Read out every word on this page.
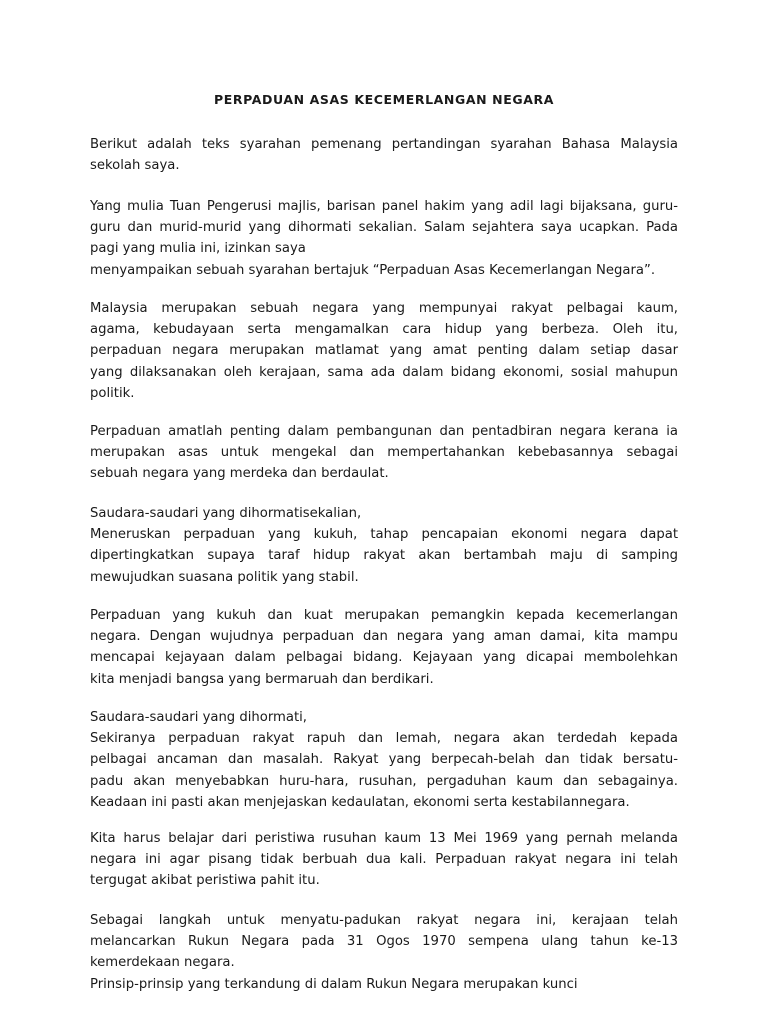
PERPADUAN ASAS KECEMERLANGAN NEGARA
Berikut adalah teks syarahan pemenang pertandingan syarahan Bahasa Malaysia
sekolah saya.
Yang mulia Tuan Pengerusi majlis, barisan panel hakim yang adil lagi bijaksana, guru-
guru dan murid-murid yang dihormati sekalian. Salam sejahtera saya ucapkan. Pada
pagi yang mulia ini, izinkan saya
menyampaikan sebuah syarahan bertajuk “Perpaduan Asas Kecemerlangan Negara”.
Malaysia merupakan sebuah negara yang mempunyai rakyat pelbagai kaum,
agama, kebudayaan serta mengamalkan cara hidup yang berbeza. Oleh itu,
perpaduan negara merupakan matlamat yang amat penting dalam setiap dasar
yang dilaksanakan oleh kerajaan, sama ada dalam bidang ekonomi, sosial mahupun
politik.
Perpaduan amatlah penting dalam pembangunan dan pentadbiran negara kerana ia
merupakan asas untuk mengekal dan mempertahankan kebebasannya sebagai
sebuah negara yang merdeka dan berdaulat.
Saudara-saudari yang dihormatisekalian,
Meneruskan perpaduan yang kukuh, tahap pencapaian ekonomi negara dapat
dipertingkatkan supaya taraf hidup rakyat akan bertambah maju di samping
mewujudkan suasana politik yang stabil.
Perpaduan yang kukuh dan kuat merupakan pemangkin kepada kecemerlangan
negara. Dengan wujudnya perpaduan dan negara yang aman damai, kita mampu
mencapai kejayaan dalam pelbagai bidang. Kejayaan yang dicapai membolehkan
kita menjadi bangsa yang bermaruah dan berdikari.
Saudara-saudari yang dihormati,
Sekiranya perpaduan rakyat rapuh dan lemah, negara akan terdedah kepada
pelbagai ancaman dan masalah. Rakyat yang berpecah-belah dan tidak bersatu-
padu akan menyebabkan huru-hara, rusuhan, pergaduhan kaum dan sebagainya.
Keadaan ini pasti akan menjejaskan kedaulatan, ekonomi serta kestabilannegara.
Kita harus belajar dari peristiwa rusuhan kaum 13 Mei 1969 yang pernah melanda
negara ini agar pisang tidak berbuah dua kali. Perpaduan rakyat negara ini telah
tergugat akibat peristiwa pahit itu.
Sebagai langkah untuk menyatu-padukan rakyat negara ini, kerajaan telah
melancarkan Rukun Negara pada 31 Ogos 1970 sempena ulang tahun ke-13
kemerdekaan negara.
Prinsip-prinsip yang terkandung di dalam Rukun Negara merupakan kunci
